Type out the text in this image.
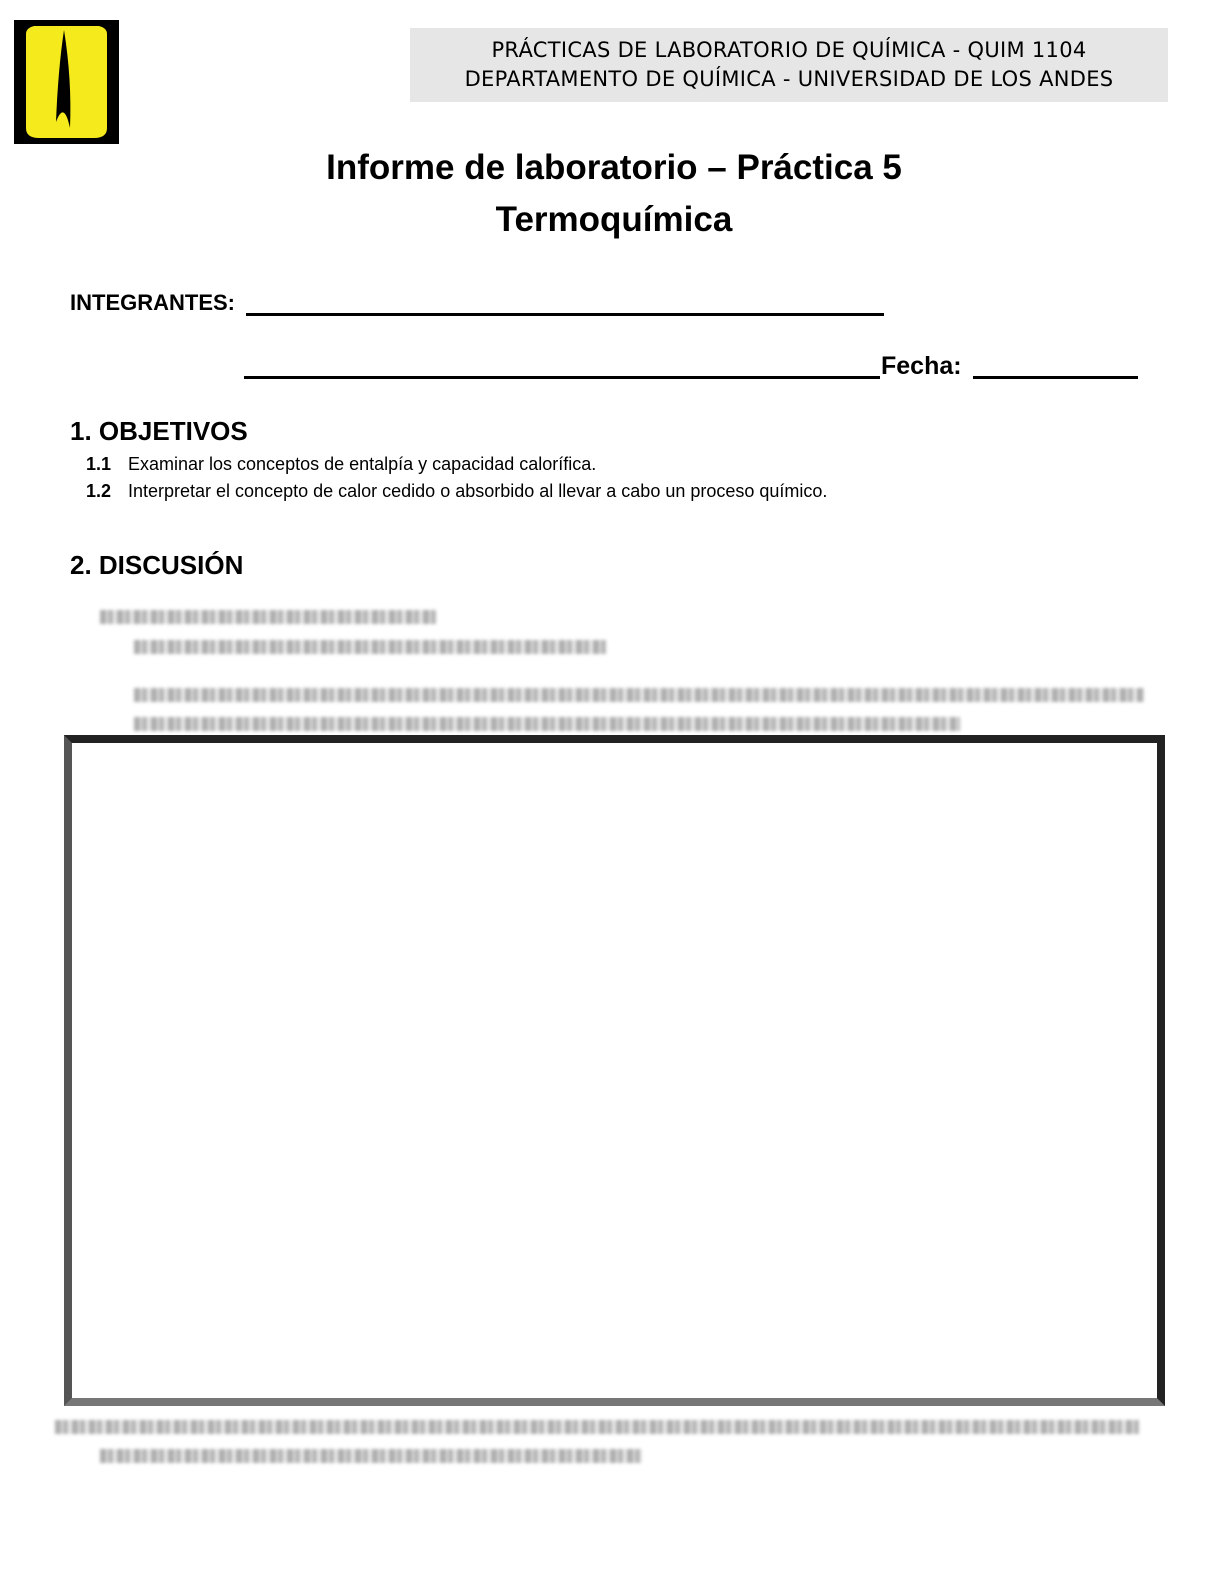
PRÁCTICAS DE LABORATORIO DE QUÍMICA - QUIM 1104
DEPARTAMENTO DE QUÍMICA - UNIVERSIDAD DE LOS ANDES
Informe de laboratorio – Práctica 5
Termoquímica
INTEGRANTES:
Fecha:
1. OBJETIVOS
1.1 Examinar los conceptos de entalpía y capacidad calorífica.
1.2 Interpretar el concepto de calor cedido o absorbido al llevar a cabo un proceso químico.
2. DISCUSIÓN
